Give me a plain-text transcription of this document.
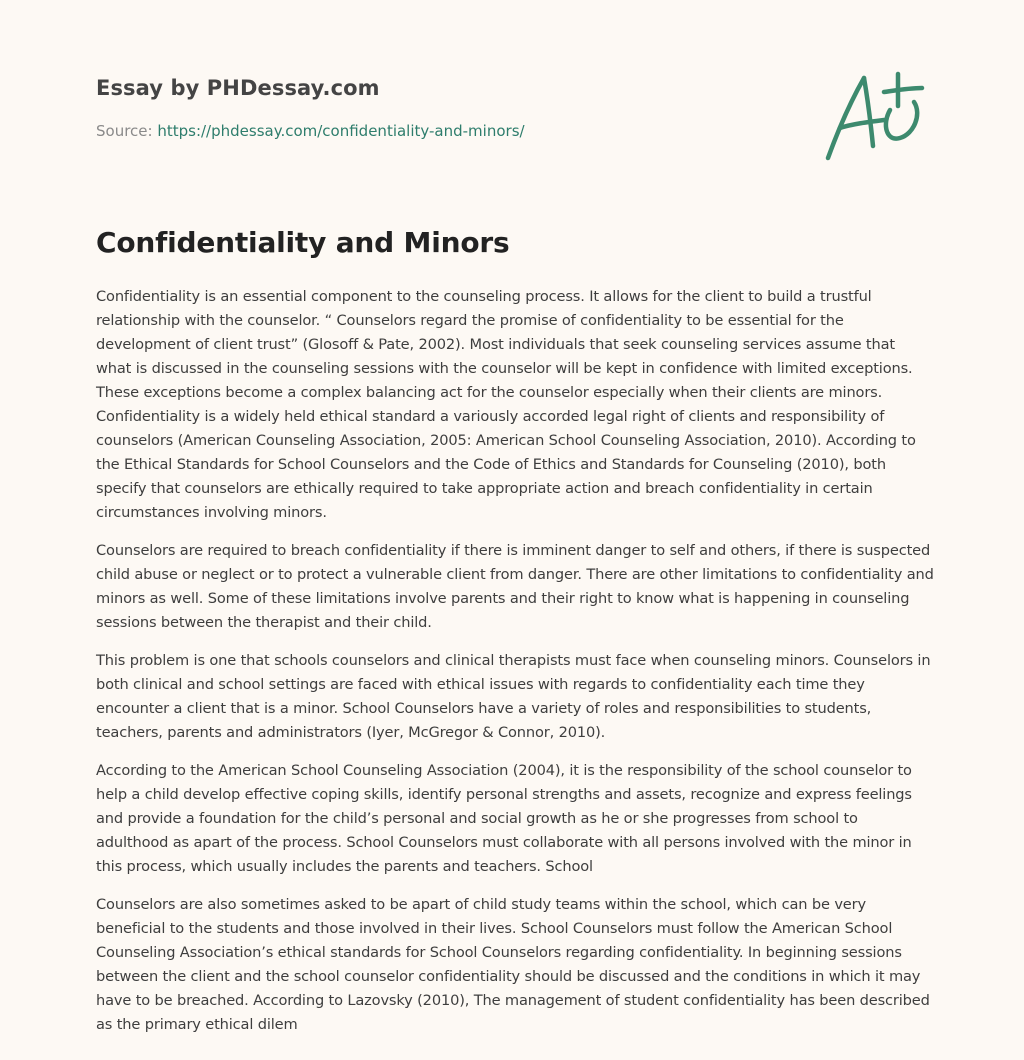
Essay by PHDessay.com
Source: https://phdessay.com/confidentiality-and-minors/
Confidentiality and Minors

Confidentiality is an essential component to the counseling process. It allows for the client to build a trustful relationship with the counselor. “ Counselors regard the promise of confidentiality to be essential for the development of client trust” (Glosoff & Pate, 2002). Most individuals that seek counseling services assume that what is discussed in the counseling sessions with the counselor will be kept in confidence with limited exceptions. These exceptions become a complex balancing act for the counselor especially when their clients are minors. Confidentiality is a widely held ethical standard a variously accorded legal right of clients and responsibility of counselors (American Counseling Association, 2005: American School Counseling Association, 2010). According to the Ethical Standards for School Counselors and the Code of Ethics and Standards for Counseling (2010), both specify that counselors are ethically required to take appropriate action and breach confidentiality in certain circumstances involving minors.

Counselors are required to breach confidentiality if there is imminent danger to self and others, if there is suspected child abuse or neglect or to protect a vulnerable client from danger. There are other limitations to confidentiality and minors as well. Some of these limitations involve parents and their right to know what is happening in counseling sessions between the therapist and their child.

This problem is one that schools counselors and clinical therapists must face when counseling minors. Counselors in both clinical and school settings are faced with ethical issues with regards to confidentiality each time they encounter a client that is a minor. School Counselors have a variety of roles and responsibilities to students, teachers, parents and administrators (Iyer, McGregor & Connor, 2010).

According to the American School Counseling Association (2004), it is the responsibility of the school counselor to help a child develop effective coping skills, identify personal strengths and assets, recognize and express feelings and provide a foundation for the child’s personal and social growth as he or she progresses from school to adulthood as apart of the process. School Counselors must collaborate with all persons involved with the minor in this process, which usually includes the parents and teachers. School

Counselors are also sometimes asked to be apart of child study teams within the school, which can be very beneficial to the students and those involved in their lives. School Counselors must follow the American School Counseling Association’s ethical standards for School Counselors regarding confidentiality. In beginning sessions between the client and the school counselor confidentiality should be discussed and the conditions in which it may have to be breached. According to Lazovsky (2010), The management of student confidentiality has been described as the primary ethical dilem
